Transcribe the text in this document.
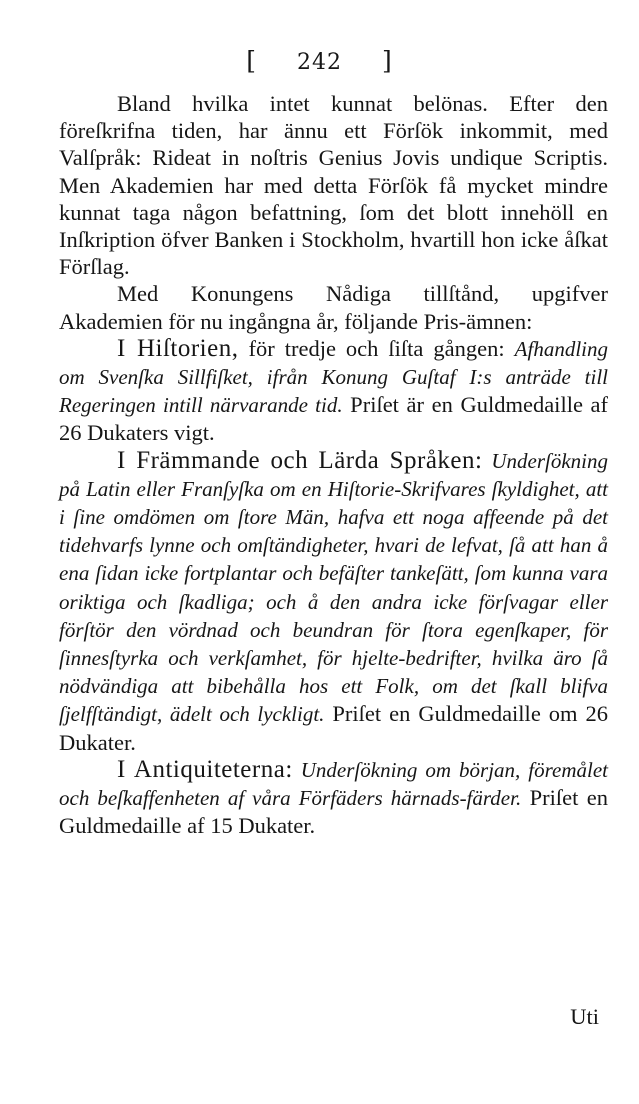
[ 242 ]

Bland hvilka intet kunnat belönas. Efter den föreſkrifna tiden, har ännu ett Förſök inkommit, med Valſpråk: Rideat in noſtris Genius Jovis undique Scriptis. Men Akademien har med detta Förſök få mycket mindre kunnat taga någon befattning, ſom det blott innehöll en Inſkription öfver Banken i Stockholm, hvartill hon icke åſkat Förſlag.

Med Konungens Nådiga tillſtånd, upgifver Akademien för nu ingångna år, följande Pris-ämnen:

I Hiſtorien, för tredje och ſiſta gången: Afhandling om Svenſka Sillfiſket, ifrån Konung Guſtaf I:s anträde till Regeringen intill närvarande tid. Priſet är en Guldmedaille af 26 Dukaters vigt.

I Främmande och Lärda Språken: Underſökning på Latin eller Franſyſka om en Hiſtorie-Skrifvares ſkyldighet, att i ſine omdömen om ſtore Män, hafva ett noga affeende på det tidehvarfs lynne och omſtändigheter, hvari de lefvat, ſå att han å ena ſidan icke fortplantar och befäſter tankeſätt, ſom kunna vara oriktiga och ſkadliga; och å den andra icke förſvagar eller förſtör den vördnad och beundran för ſtora egenſkaper, för ſinnesſtyrka och verkſamhet, för hjelte-bedrifter, hvilka äro ſå nödvändiga att bibehålla hos ett Folk, om det ſkall blifva ſjelfſtändigt, ädelt och lyckligt. Priſet en Guldmedaille om 26 Dukater.

I Antiquiteterna: Underſökning om början, föremålet och beſkaffenheten af våra Förfäders härnads-färder. Priſet en Guldmedaille af 15 Dukater.

Uti
